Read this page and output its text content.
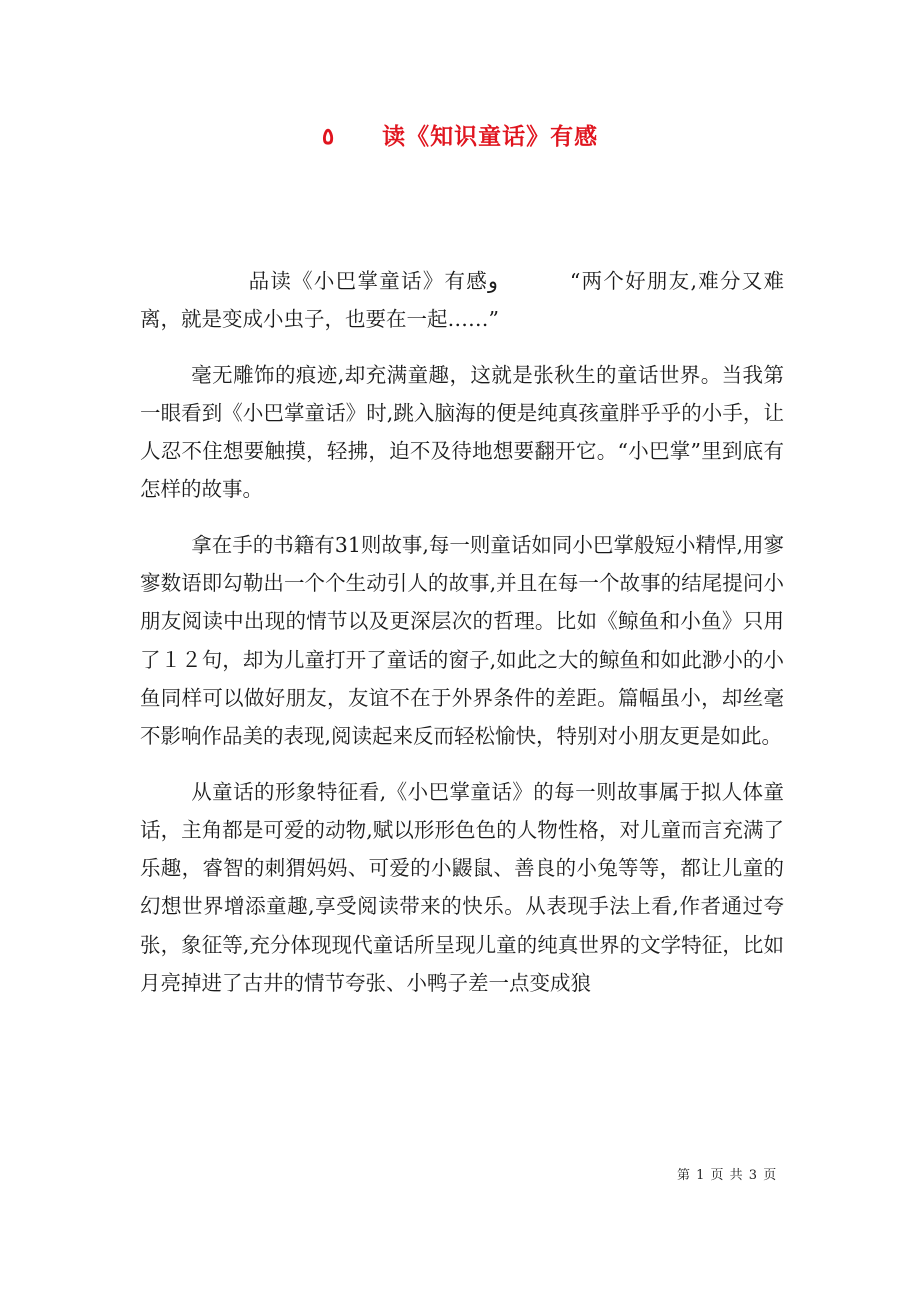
٥ 读《知识童话》有感

品读《小巴掌童话》有感و	“两个好朋友,难分又难离，就是变成小虫子，也要在一起……”

毫无雕饰的痕迹,却充满童趣，这就是张秋生的童话世界。当我第一眼看到《小巴掌童话》时,跳入脑海的便是纯真孩童胖乎乎的小手，让人忍不住想要触摸，轻拂，迫不及待地想要翻开它。“小巴掌”里到底有怎样的故事。

拿在手的书籍有31则故事,每一则童话如同小巴掌般短小精悍,用寥寥数语即勾勒出一个个生动引人的故事,并且在每一个故事的结尾提问小朋友阅读中出现的情节以及更深层次的哲理。比如《鲸鱼和小鱼》只用了１２句，却为儿童打开了童话的窗子,如此之大的鲸鱼和如此渺小的小鱼同样可以做好朋友，友谊不在于外界条件的差距。篇幅虽小，却丝毫不影响作品美的表现,阅读起来反而轻松愉快，特别对小朋友更是如此。

从童话的形象特征看,《小巴掌童话》的每一则故事属于拟人体童话，主角都是可爱的动物,赋以形形色色的人物性格，对儿童而言充满了乐趣，睿智的刺猬妈妈、可爱的小鼹鼠、善良的小兔等等，都让儿童的幻想世界增添童趣,享受阅读带来的快乐。从表现手法上看,作者通过夸张，象征等,充分体现现代童话所呈现儿童的纯真世界的文学特征，比如月亮掉进了古井的情节夸张、小鸭子差一点变成狼

第 1 页 共 3 页
